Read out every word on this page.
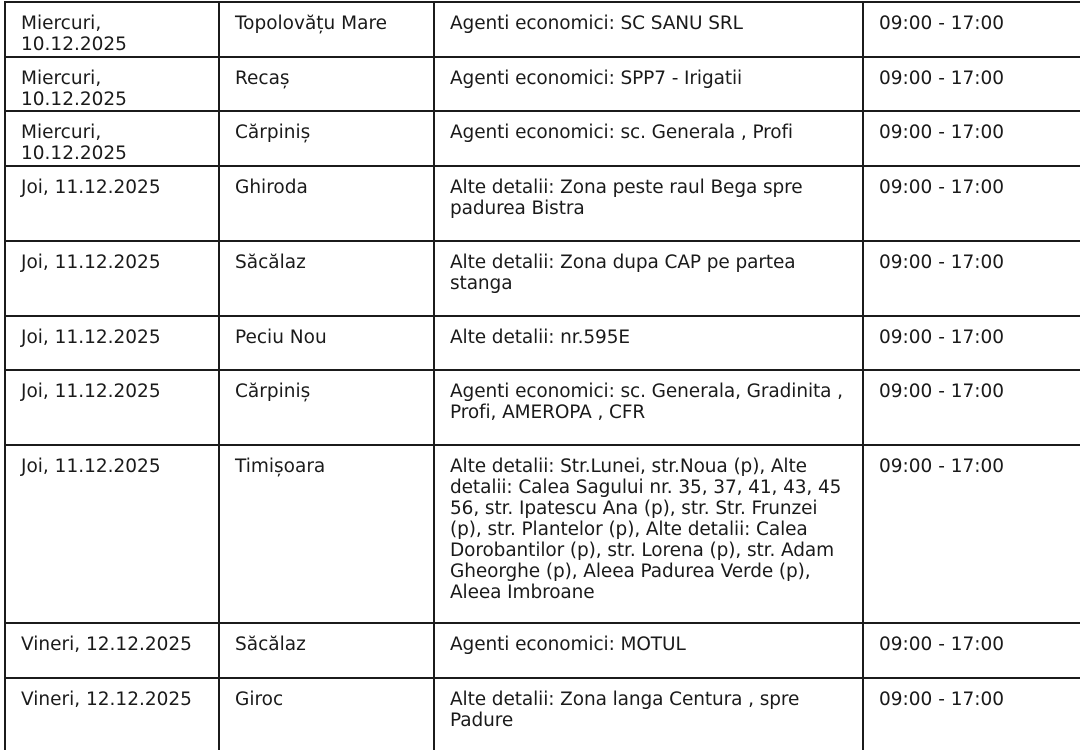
Miercuri, 10.12.2025	Topolovățu Mare	Agenti economici: SC SANU SRL	09:00 - 17:00

Miercuri, 10.12.2025	Recaș	Agenti economici: SPP7 - Irigatii	09:00 - 17:00

Miercuri, 10.12.2025	Cărpiniș	Agenti economici: sc. Generala , Profi	09:00 - 17:00

Joi, 11.12.2025	Ghiroda	Alte detalii: Zona peste raul Bega spre padurea Bistra	09:00 - 17:00

Joi, 11.12.2025	Săcălaz	Alte detalii: Zona dupa CAP pe partea stanga	09:00 - 17:00

Joi, 11.12.2025	Peciu Nou	Alte detalii: nr.595E	09:00 - 17:00

Joi, 11.12.2025	Cărpiniș	Agenti economici: sc. Generala, Gradinita , Profi, AMEROPA , CFR	09:00 - 17:00

Joi, 11.12.2025	Timișoara	Alte detalii: Str.Lunei, str.Noua (p), Alte detalii: Calea Sagului nr. 35, 37, 41, 43, 45 56, str. Ipatescu Ana (p), str. Str. Frunzei (p), str. Plantelor (p), Alte detalii: Calea Dorobantilor (p), str. Lorena (p), str. Adam Gheorghe (p), Aleea Padurea Verde (p), Aleea Imbroane	09:00 - 17:00

Vineri, 12.12.2025	Săcălaz	Agenti economici: MOTUL	09:00 - 17:00

Vineri, 12.12.2025	Giroc	Alte detalii: Zona langa Centura , spre Padure	09:00 - 17:00
